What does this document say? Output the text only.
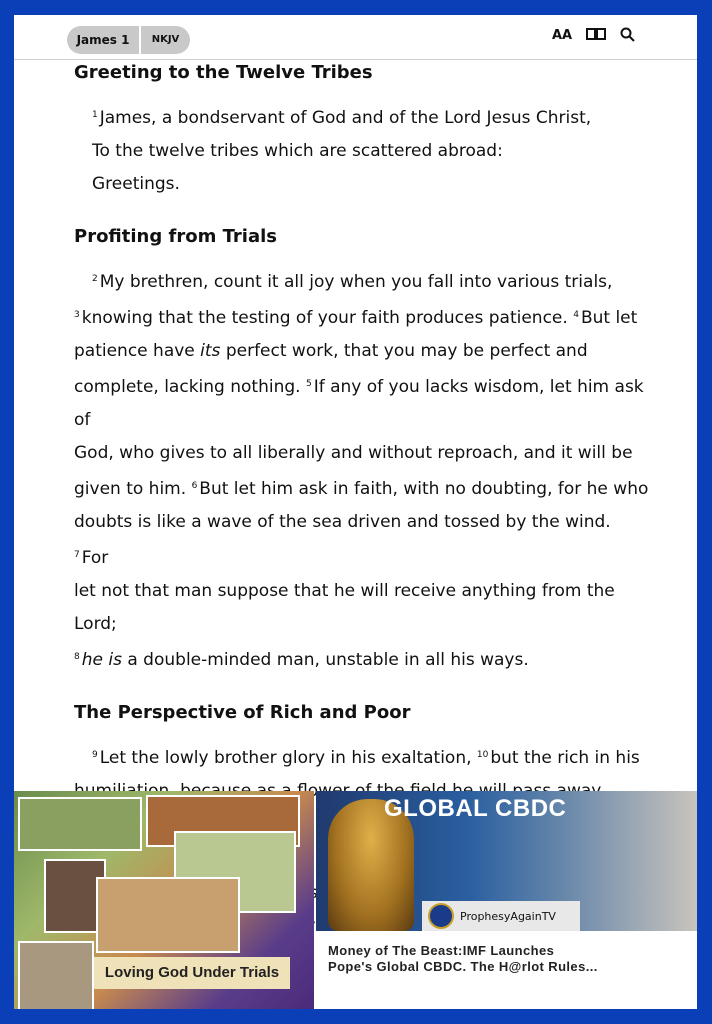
James 1	NKJV	AA
Greeting to the Twelve Tribes
$^1$ James, a bondservant of God and of the Lord Jesus Christ,
To the twelve tribes which are scattered abroad:
Greetings.
Profiting from Trials
$^2$ My brethren, count it all joy when you fall into various trials,
$^3$ knowing that the testing of your faith produces patience. $^4$ But let
patience have its perfect work, that you may be perfect and
complete, lacking nothing. $^5$ If any of you lacks wisdom, let him ask of
God, who gives to all liberally and without reproach, and it will be
given to him. $^6$ But let him ask in faith, with no doubting, for he who
doubts is like a wave of the sea driven and tossed by the wind. $^7$ For
let not that man suppose that he will receive anything from the Lord;
$^8$ he is a double-minded man, unstable in all his ways.
The Perspective of Rich and Poor
$^9$ Let the lowly brother glory in his exaltation, $^{10}$ but the rich in his
Loving God Under Trials
GLOBAL CBDC
ProphesyAgainTV
Money of The Beast:IMF Launches
Pope's Global CBDC. The H@rlot Rules...
